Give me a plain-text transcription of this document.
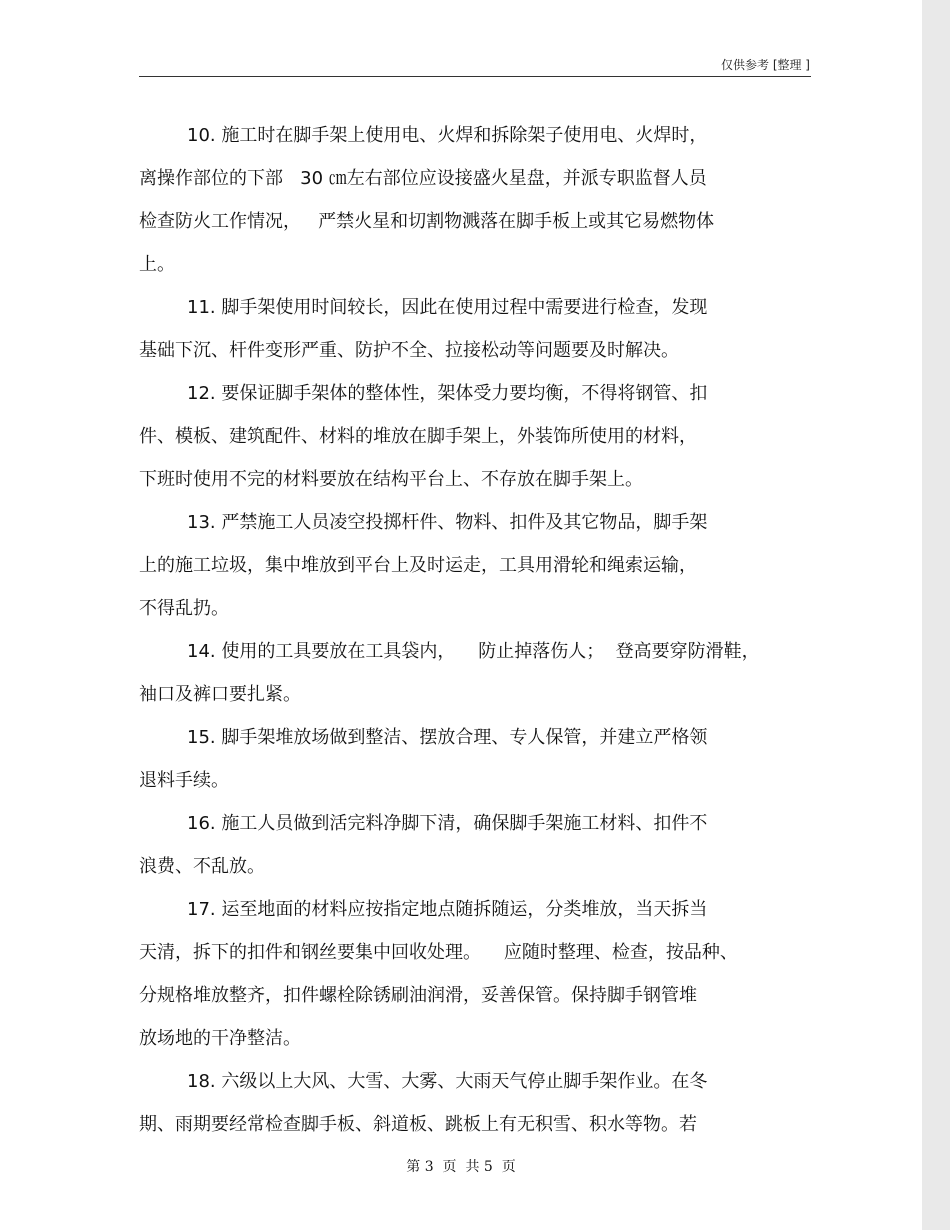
仅供参考 [整理 ]
10. 施工时在脚手架上使用电、火焊和拆除架子使用电、火焊时，
离操作部位的下部   30 ㎝左右部位应设接盛火星盘，并派专职监督人员
检查防火工作情况，   严禁火星和切割物溅落在脚手板上或其它易燃物体
上。
11. 脚手架使用时间较长，因此在使用过程中需要进行检查，发现
基础下沉、杆件变形严重、防护不全、拉接松动等问题要及时解决。
12. 要保证脚手架体的整体性，架体受力要均衡，不得将钢管、扣
件、模板、建筑配件、材料的堆放在脚手架上，外装饰所使用的材料，
下班时使用不完的材料要放在结构平台上、不存放在脚手架上。
13. 严禁施工人员凌空投掷杆件、物料、扣件及其它物品，脚手架
上的施工垃圾，集中堆放到平台上及时运走，工具用滑轮和绳索运输，
不得乱扔。
14. 使用的工具要放在工具袋内，    防止掉落伤人；  登高要穿防滑鞋，
袖口及裤口要扎紧。
15. 脚手架堆放场做到整洁、摆放合理、专人保管，并建立严格领
退料手续。
16. 施工人员做到活完料净脚下清，确保脚手架施工材料、扣件不
浪费、不乱放。
17. 运至地面的材料应按指定地点随拆随运，分类堆放，当天拆当
天清，拆下的扣件和钢丝要集中回收处理。    应随时整理、检查，按品种、
分规格堆放整齐，扣件螺栓除锈刷油润滑，妥善保管。保持脚手钢管堆
放场地的干净整洁。
18. 六级以上大风、大雪、大雾、大雨天气停止脚手架作业。在冬
期、雨期要经常检查脚手板、斜道板、跳板上有无积雪、积水等物。若
第 3  页  共 5  页
